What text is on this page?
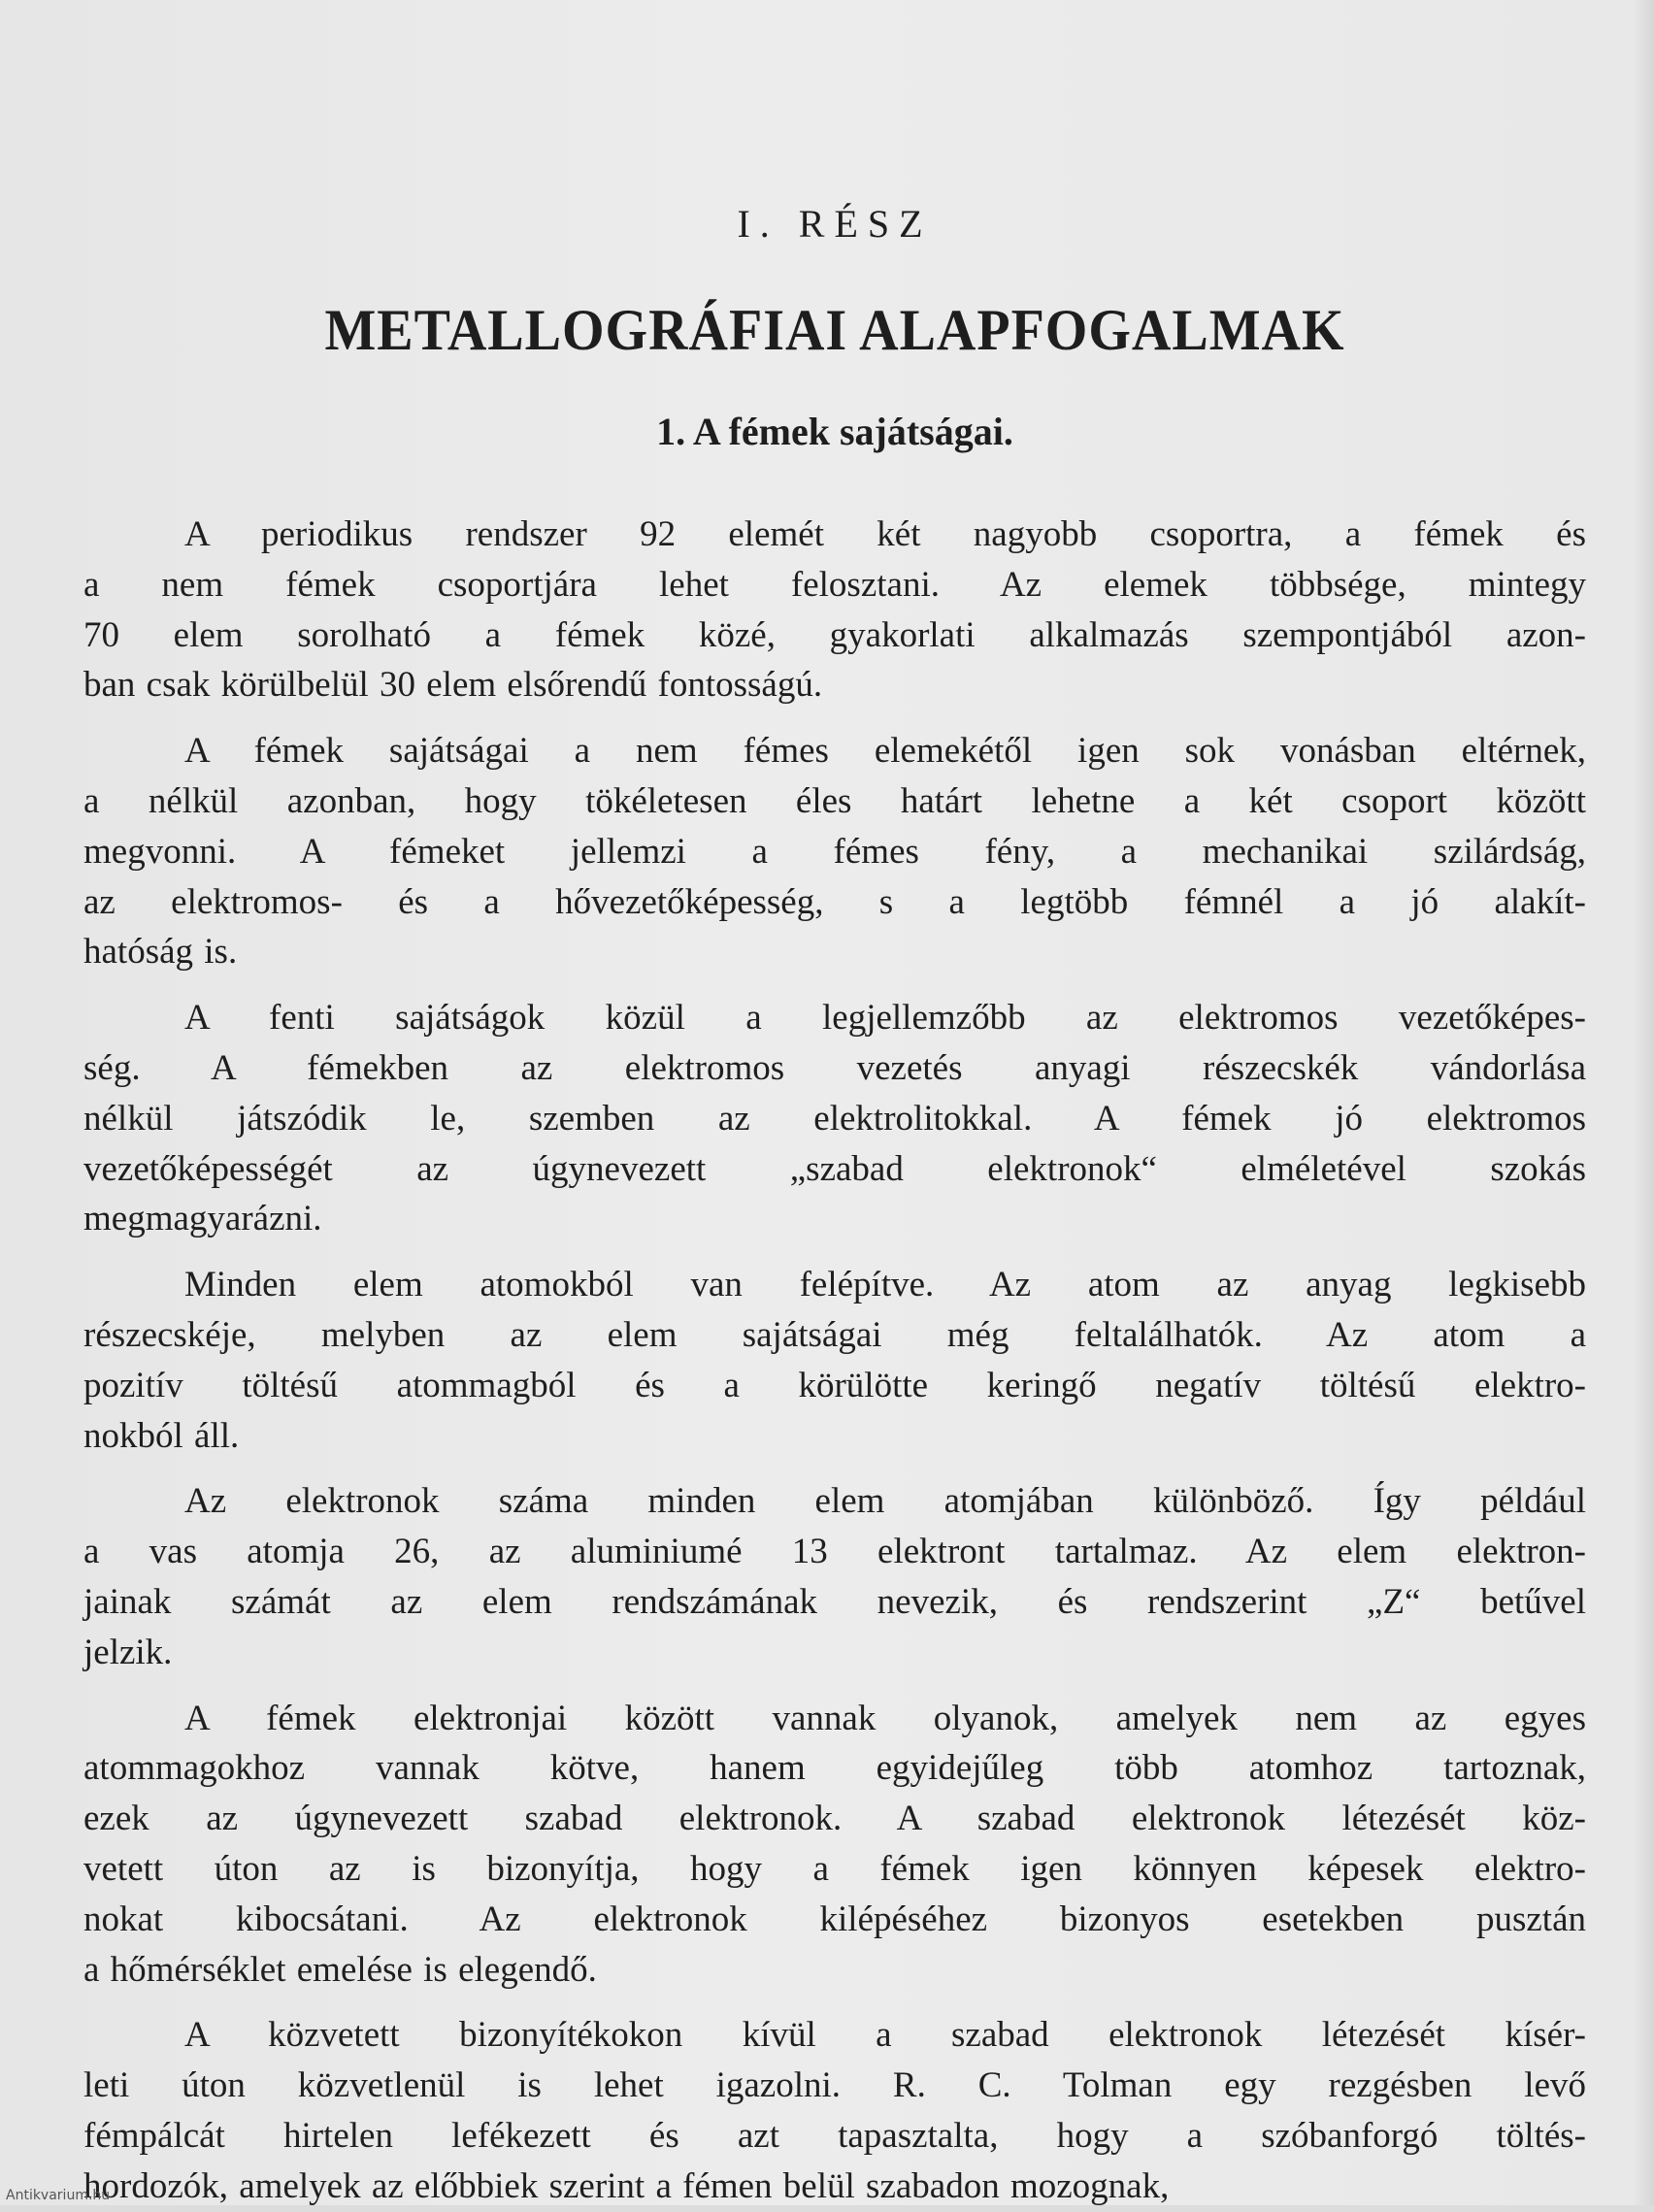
I. RÉSZ
METALLOGRÁFIAI ALAPFOGALMAK
1. A fémek sajátságai.
A periodikus rendszer 92 elemét két nagyobb csoportra, a fémek és
a nem fémek csoportjára lehet felosztani. Az elemek többsége, mintegy
70 elem sorolható a fémek közé, gyakorlati alkalmazás szempontjából azon-
ban csak körülbelül 30 elem elsőrendű fontosságú.
A fémek sajátságai a nem fémes elemekétől igen sok vonásban eltérnek,
a nélkül azonban, hogy tökéletesen éles határt lehetne a két csoport között
megvonni. A fémeket jellemzi a fémes fény, a mechanikai szilárdság,
az elektromos- és a hővezetőképesség, s a legtöbb fémnél a jó alakít-
hatóság is.
A fenti sajátságok közül a legjellemzőbb az elektromos vezetőképes-
ség. A fémekben az elektromos vezetés anyagi részecskék vándorlása
nélkül játszódik le, szemben az elektrolitokkal. A fémek jó elektromos
vezetőképességét az úgynevezett „szabad elektronok“ elméletével szokás
megmagyarázni.
Minden elem atomokból van felépítve. Az atom az anyag legkisebb
részecskéje, melyben az elem sajátságai még feltalálhatók. Az atom a
pozitív töltésű atommagból és a körülötte keringő negatív töltésű elektro-
nokból áll.
Az elektronok száma minden elem atomjában különböző. Így például
a vas atomja 26, az aluminiumé 13 elektront tartalmaz. Az elem elektron-
jainak számát az elem rendszámának nevezik, és rendszerint „Z“ betűvel
jelzik.
A fémek elektronjai között vannak olyanok, amelyek nem az egyes
atommagokhoz vannak kötve, hanem egyidejűleg több atomhoz tartoznak,
ezek az úgynevezett szabad elektronok. A szabad elektronok létezését köz-
vetett úton az is bizonyítja, hogy a fémek igen könnyen képesek elektro-
nokat kibocsátani. Az elektronok kilépéséhez bizonyos esetekben pusztán
a hőmérséklet emelése is elegendő.
A közvetett bizonyítékokon kívül a szabad elektronok létezését kísér-
leti úton közvetlenül is lehet igazolni. R. C. Tolman egy rezgésben levő
fémpálcát hirtelen lefékezett és azt tapasztalta, hogy a szóbanforgó töltés-
hordozók, amelyek az előbbiek szerint a fémen belül szabadon mozognak,
Antikvarium.hu
